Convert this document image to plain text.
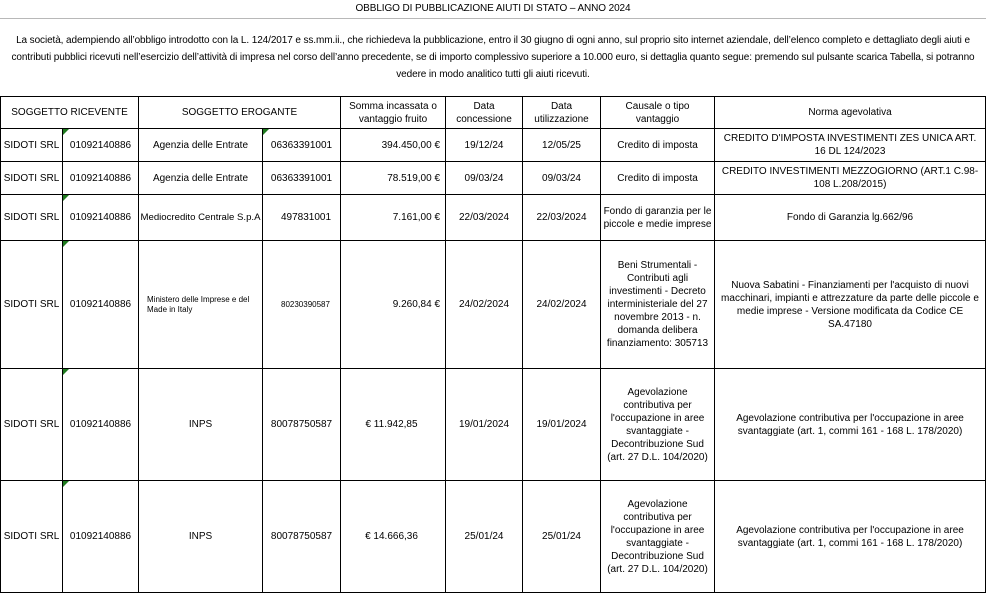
OBBLIGO DI PUBBLICAZIONE AIUTI DI STATO – ANNO 2024
La società, adempiendo all’obbligo introdotto con la L. 124/2017 e ss.mm.ii., che richiedeva la pubblicazione, entro il 30 giugno di ogni anno, sul proprio sito internet aziendale, dell’elenco completo e dettagliato degli aiuti e contributi pubblici ricevuti nell’esercizio dell’attività di impresa nel corso dell’anno precedente, se di importo complessivo superiore a 10.000 euro, si dettaglia quanto segue: premendo sul pulsante scarica Tabella, si potranno vedere in modo analitico tutti gli aiuti ricevuti.
SOGGETTO RICEVENTE		SOGGETTO EROGANTE		Somma incassata o vantaggio fruito	Data concessione	Data utilizzazione	Causale o tipo vantaggio	Norma agevolativa
SIDOTI SRL	01092140886	Agenzia delle Entrate	06363391001	394.450,00 €	19/12/24	12/05/25	Credito di imposta	CREDITO D'IMPOSTA INVESTIMENTI ZES UNICA ART. 16 DL 124/2023
SIDOTI SRL	01092140886	Agenzia delle Entrate	06363391001	78.519,00 €	09/03/24	09/03/24	Credito di imposta	CREDITO INVESTIMENTI MEZZOGIORNO (ART.1 C.98-108 L.208/2015)
SIDOTI SRL	01092140886	Mediocredito Centrale S.p.A	497831001	7.161,00 €	22/03/2024	22/03/2024	Fondo di garanzia per le piccole e medie imprese	Fondo di Garanzia lg.662/96
SIDOTI SRL	01092140886	Ministero delle Imprese e del Made in Italy	80230390587	9.260,84 €	24/02/2024	24/02/2024	Beni Strumentali - Contributi agli investimenti - Decreto interministeriale del 27 novembre 2013 - n. domanda delibera finanziamento: 305713	Nuova Sabatini - Finanziamenti per l'acquisto di nuovi macchinari, impianti e attrezzature da parte delle piccole e medie imprese - Versione modificata da Codice CE SA.47180
SIDOTI SRL	01092140886	INPS	80078750587	€ 11.942,85	19/01/2024	19/01/2024	Agevolazione contributiva per l'occupazione in aree svantaggiate - Decontribuzione Sud (art. 27 D.L. 104/2020)	Agevolazione contributiva per l'occupazione in aree svantaggiate (art. 1, commi 161 - 168 L. 178/2020)
SIDOTI SRL	01092140886	INPS	80078750587	€ 14.666,36	25/01/24	25/01/24	Agevolazione contributiva per l'occupazione in aree svantaggiate - Decontribuzione Sud (art. 27 D.L. 104/2020)	Agevolazione contributiva per l'occupazione in aree svantaggiate (art. 1, commi 161 - 168 L. 178/2020)
